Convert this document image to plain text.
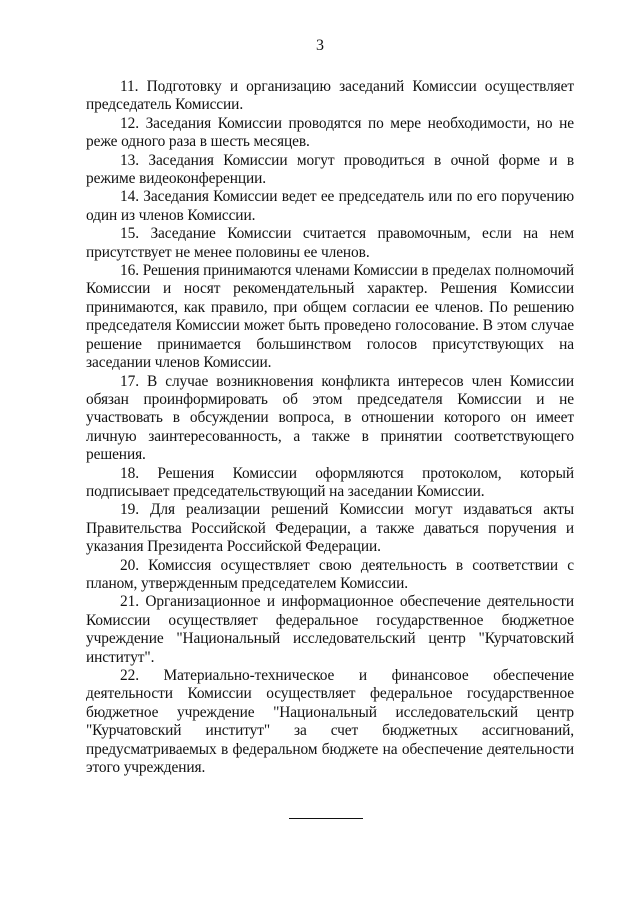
3

11. Подготовку и организацию заседаний Комиссии осуществляет председатель Комиссии.

12. Заседания Комиссии проводятся по мере необходимости, но не реже одного раза в шесть месяцев.

13. Заседания Комиссии могут проводиться в очной форме и в режиме видеоконференции.

14. Заседания Комиссии ведет ее председатель или по его поручению один из членов Комиссии.

15. Заседание Комиссии считается правомочным, если на нем присутствует не менее половины ее членов.

16. Решения принимаются членами Комиссии в пределах полномочий Комиссии и носят рекомендательный характер. Решения Комиссии принимаются, как правило, при общем согласии ее членов. По решению председателя Комиссии может быть проведено голосование. В этом случае решение принимается большинством голосов присутствующих на заседании членов Комиссии.

17. В случае возникновения конфликта интересов член Комиссии обязан проинформировать об этом председателя Комиссии и не участвовать в обсуждении вопроса, в отношении которого он имеет личную заинтересованность, а также в принятии соответствующего решения.

18. Решения Комиссии оформляются протоколом, который подписывает председательствующий на заседании Комиссии.

19. Для реализации решений Комиссии могут издаваться акты Правительства Российской Федерации, а также даваться поручения и указания Президента Российской Федерации.

20. Комиссия осуществляет свою деятельность в соответствии с планом, утвержденным председателем Комиссии.

21. Организационное и информационное обеспечение деятельности Комиссии осуществляет федеральное государственное бюджетное учреждение "Национальный исследовательский центр "Курчатовский институт".

22. Материально-техническое и финансовое обеспечение деятельности Комиссии осуществляет федеральное государственное бюджетное учреждение "Национальный исследовательский центр "Курчатовский институт" за счет бюджетных ассигнований, предусматриваемых в федеральном бюджете на обеспечение деятельности этого учреждения.
